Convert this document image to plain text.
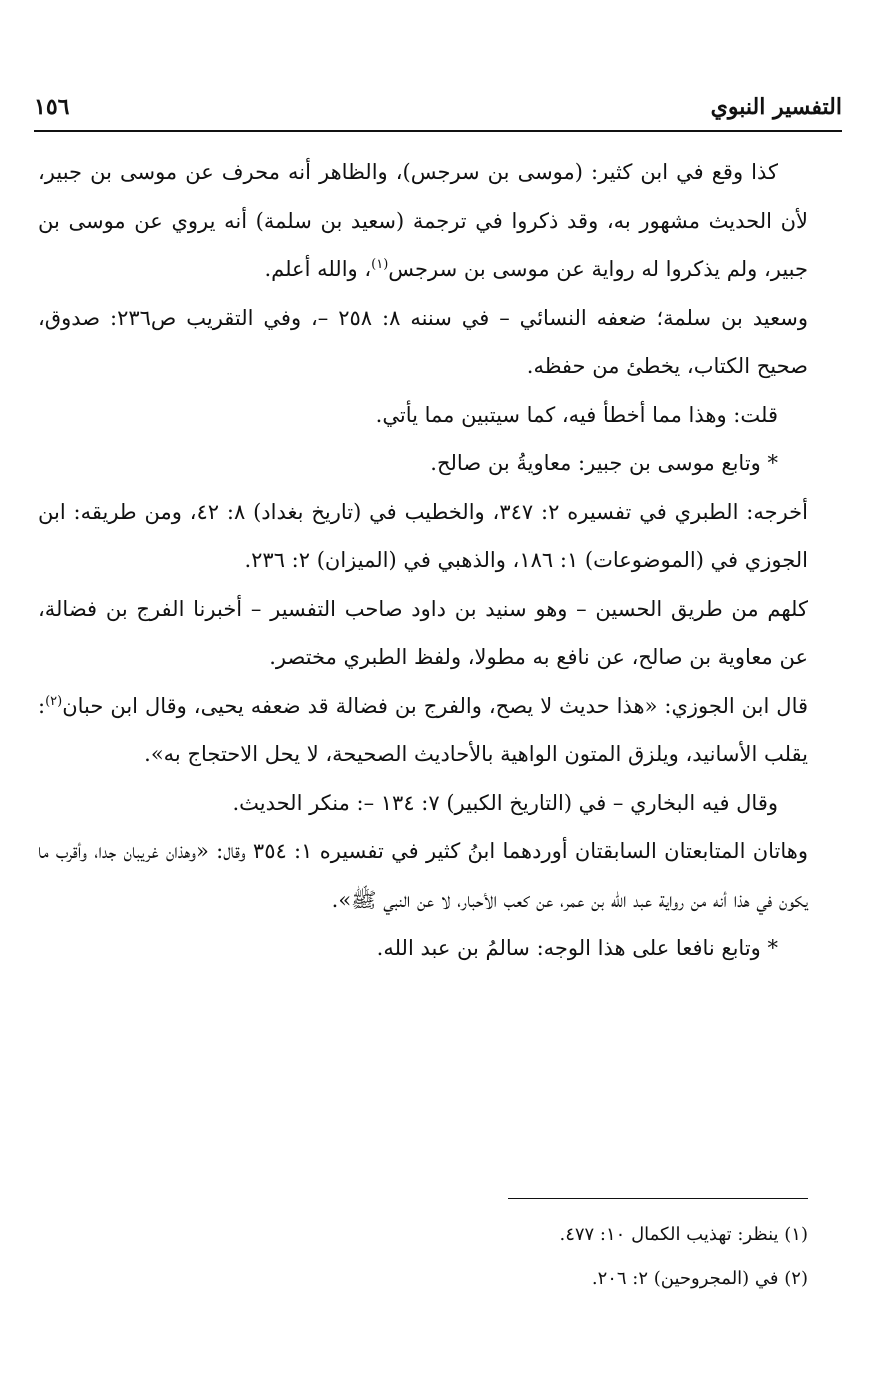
التفسير النبوي
١٥٦

كذا وقع في ابن كثير: (موسى بن سرجس)، والظاهر أنه محرف عن موسى بن جبير، لأن الحديث مشهور به، وقد ذكروا في ترجمة (سعيد بن سلمة) أنه يروي عن موسى بن جبير، ولم يذكروا له رواية عن موسى بن سرجس$^{(١)}$، والله أعلم.

وسعيد بن سلمة؛ ضعفه النسائي – في سننه ٨: ٢٥٨ –، وفي التقريب ص٢٣٦: صدوق، صحيح الكتاب، يخطئ من حفظه.

قلت: وهذا مما أخطأ فيه، كما سيتبين مما يأتي.

* وتابع موسى بن جبير: معاويةُ بن صالح.

أخرجه: الطبري في تفسيره ٢: ٣٤٧، والخطيب في (تاريخ بغداد) ٨: ٤٢، ومن طريقه: ابن الجوزي في (الموضوعات) ١: ١٨٦، والذهبي في (الميزان) ٢: ٢٣٦.

كلهم من طريق الحسين – وهو سنيد بن داود صاحب التفسير – أخبرنا الفرج بن فضالة، عن معاوية بن صالح، عن نافع به مطولا، ولفظ الطبري مختصر.

قال ابن الجوزي: «هذا حديث لا يصح، والفرج بن فضالة قد ضعفه يحيى، وقال ابن حبان$^{(٢)}$: يقلب الأسانيد، ويلزق المتون الواهية بالأحاديث الصحيحة، لا يحل الاحتجاج به».

وقال فيه البخاري – في (التاريخ الكبير) ٧: ١٣٤ –: منكر الحديث.

وهاتان المتابعتان السابقتان أوردهما ابنُ كثير في تفسيره ١: ٣٥٤ وقال: «وهذان غريبان جدا، وأقرب ما يكون في هذا أنه من رواية عبد الله بن عمر، عن كعب الأحبار، لا عن النبي ﷺ».

* وتابع نافعا على هذا الوجه: سالمُ بن عبد الله.

(١) ينظر: تهذيب الكمال ١٠: ٤٧٧.

(٢) في (المجروحين) ٢: ٢٠٦.
